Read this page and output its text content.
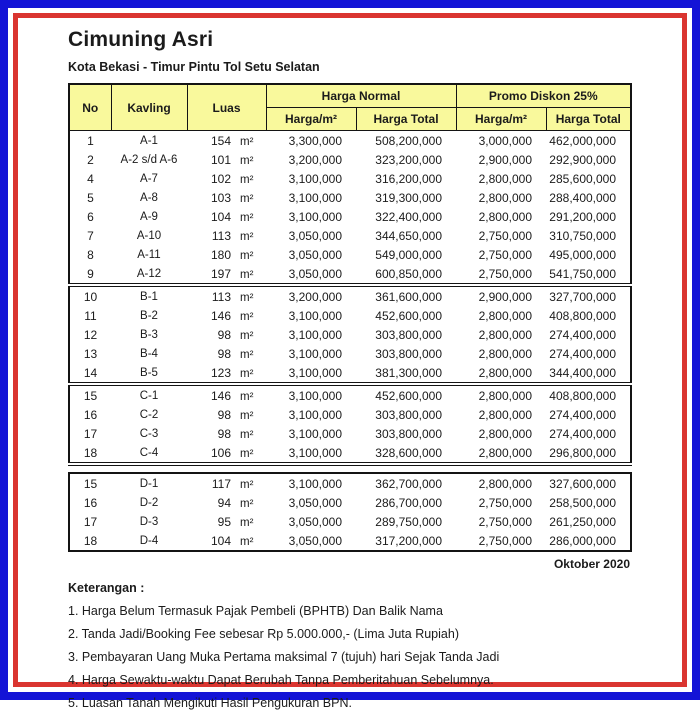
Cimuning Asri
Kota Bekasi - Timur Pintu Tol Setu Selatan
No	Kavling	Luas	Harga Normal		Promo Diskon 25%	
			Harga/m²	Harga Total	Harga/m²	Harga Total
1	A-1	154 m²	3,300,000	508,200,000	3,000,000	462,000,000
2	A-2 s/d A-6	101 m²	3,200,000	323,200,000	2,900,000	292,900,000
4	A-7	102 m²	3,100,000	316,200,000	2,800,000	285,600,000
5	A-8	103 m²	3,100,000	319,300,000	2,800,000	288,400,000
6	A-9	104 m²	3,100,000	322,400,000	2,800,000	291,200,000
7	A-10	113 m²	3,050,000	344,650,000	2,750,000	310,750,000
8	A-11	180 m²	3,050,000	549,000,000	2,750,000	495,000,000
9	A-12	197 m²	3,050,000	600,850,000	2,750,000	541,750,000
10	B-1	113 m²	3,200,000	361,600,000	2,900,000	327,700,000
11	B-2	146 m²	3,100,000	452,600,000	2,800,000	408,800,000
12	B-3	98 m²	3,100,000	303,800,000	2,800,000	274,400,000
13	B-4	98 m²	3,100,000	303,800,000	2,800,000	274,400,000
14	B-5	123 m²	3,100,000	381,300,000	2,800,000	344,400,000
15	C-1	146 m²	3,100,000	452,600,000	2,800,000	408,800,000
16	C-2	98 m²	3,100,000	303,800,000	2,800,000	274,400,000
17	C-3	98 m²	3,100,000	303,800,000	2,800,000	274,400,000
18	C-4	106 m²	3,100,000	328,600,000	2,800,000	296,800,000
15	D-1	117 m²	3,100,000	362,700,000	2,800,000	327,600,000
16	D-2	94 m²	3,050,000	286,700,000	2,750,000	258,500,000
17	D-3	95 m²	3,050,000	289,750,000	2,750,000	261,250,000
18	D-4	104 m²	3,050,000	317,200,000	2,750,000	286,000,000
Oktober 2020
Keterangan :
1. Harga Belum Termasuk Pajak Pembeli (BPHTB) Dan Balik Nama
2. Tanda Jadi/Booking Fee sebesar Rp 5.000.000,- (Lima Juta Rupiah)
3. Pembayaran Uang Muka Pertama maksimal 7 (tujuh) hari Sejak Tanda Jadi
4. Harga Sewaktu-waktu Dapat Berubah Tanpa Pemberitahuan Sebelumnya.
5. Luasan Tanah Mengikuti Hasil Pengukuran BPN.
